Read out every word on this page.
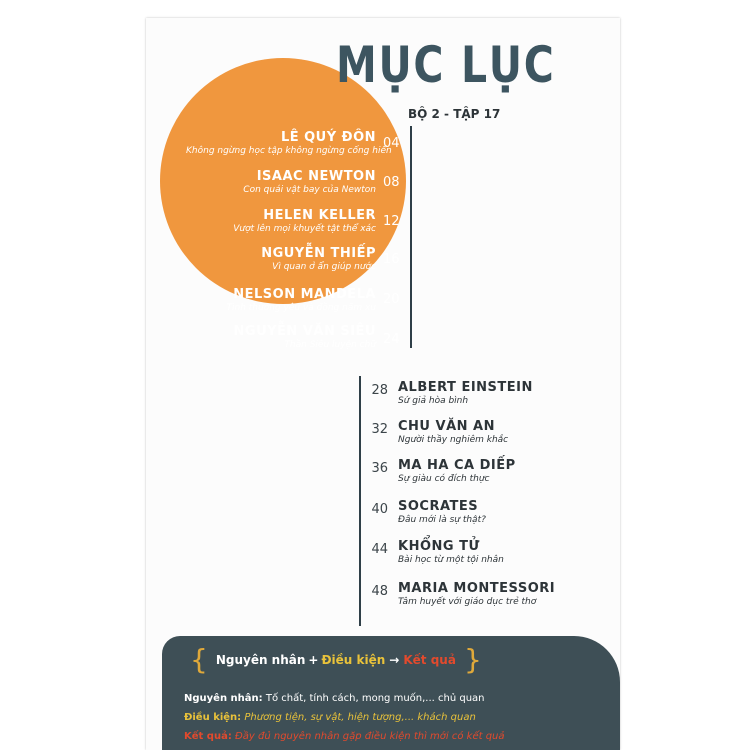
MỤC LỤC
BỘ 2 - TẬP 17
LÊ QUÝ ĐÔN
Không ngừng học tập không ngừng cống hiến
04
ISAAC NEWTON
Con quái vật bay của Newton 08
HELEN KELLER
Vượt lên mọi khuyết tật thể xác 12
NGUYỄN THIẾP
Vì quan ở ẩn giúp nước 16
NELSON MANDELA
Tình thương yêu và đồng năm xu
20
NGUYỄN VĂN SIÊU
Thần Siêu luyện chữ 24
28 ALBERT EINSTEIN
Sứ giả hòa bình
32 CHU VĂN AN
Người thầy nghiêm khắc
36 MA HA CA DIẾP
Sự giàu có đích thực
40 SOCRATES
Đâu mới là sự thật?
44 KHỔNG TỬ
Bài học từ một tội nhân
48 MARIA MONTESSORI
Tâm huyết với giáo dục trẻ thơ
{ Nguyên nhân + Điều kiện → Kết quả }
Nguyên nhân: Tố chất, tính cách, mong muốn,... chủ quan
Điều kiện: Phương tiện, sự vật, hiện tượng,... khách quan
Kết quả: Đầy đủ nguyên nhân gặp điều kiện thì mới có kết quả
